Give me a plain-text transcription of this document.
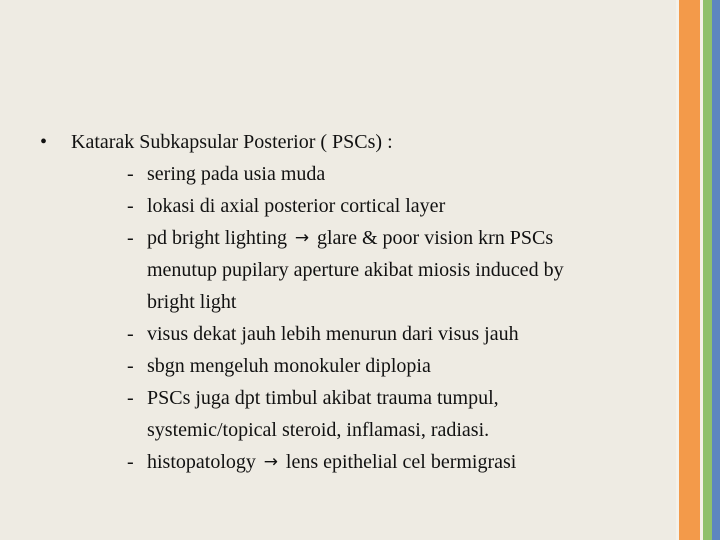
•	Katarak Subkapsular Posterior ( PSCs) :
- sering pada usia muda
- lokasi di axial posterior cortical layer
- pd bright lighting → glare & poor vision krn PSCs
menutup pupilary aperture akibat miosis induced by
bright light
- visus dekat jauh lebih menurun dari visus jauh
- sbgn mengeluh monokuler diplopia
- PSCs juga dpt timbul akibat trauma tumpul,
systemic/topical steroid, inflamasi, radiasi.
- histopatology → lens epithelial cel bermigrasi
